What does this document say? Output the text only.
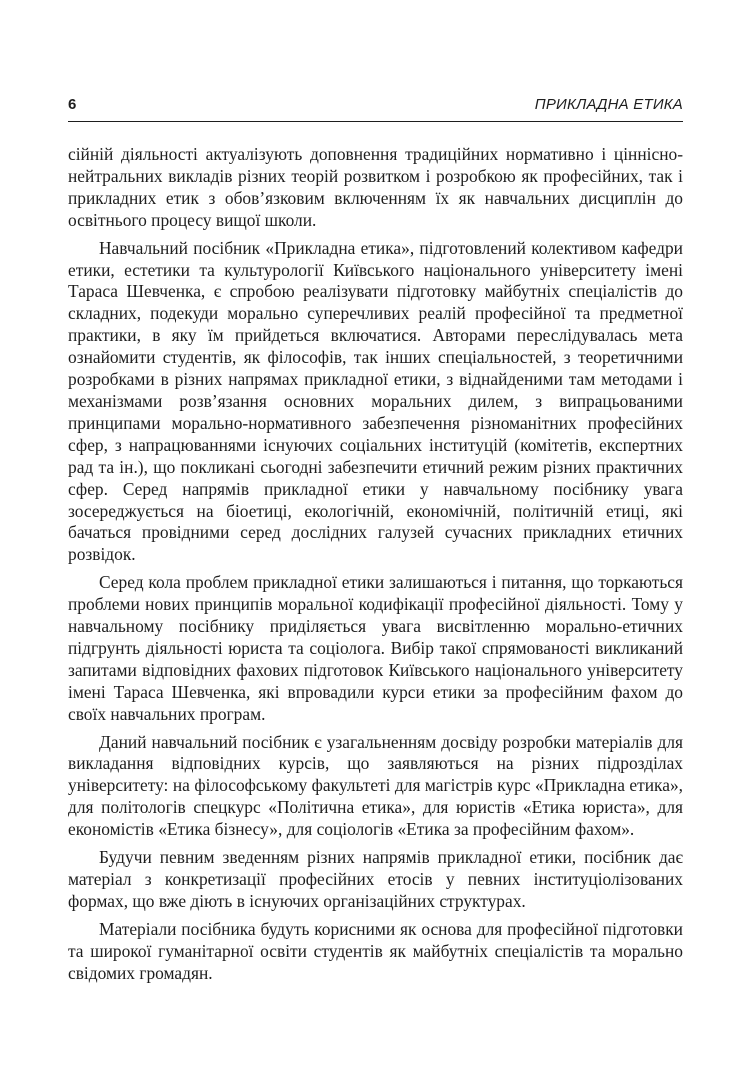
6	ПРИКЛАДНА ЕТИКА

сійній діяльності актуалізують доповнення традиційних нормативно і ціннісно-нейтральних викладів різних теорій розвитком і розробкою як професійних, так і прикладних етик з обов’язковим включенням їх як навчальних дисциплін до освітнього процесу вищої школи.

Навчальний посібник «Прикладна етика», підготовлений колективом кафедри етики, естетики та культурології Київського національного університету імені Тараса Шевченка, є спробою реалізувати підготовку майбутніх спеціалістів до складних, подекуди морально суперечливих реалій професійної та предметної практики, в яку їм прийдеться включатися. Авторами переслідувалась мета ознайомити студентів, як філософів, так інших спеціальностей, з теоретичними розробками в різних напрямах прикладної етики, з віднайденими там методами і механізмами розв’язання основних моральних дилем, з випрацьованими принципами морально-нормативного забезпечення різноманітних професійних сфер, з напрацюваннями існуючих соціальних інституцій (комітетів, експертних рад та ін.), що покликані сьогодні забезпечити етичний режим різних практичних сфер. Серед напрямів прикладної етики у навчальному посібнику увага зосереджується на біоетиці, екологічній, економічній, політичній етиці, які бачаться провідними серед дослідних галузей сучасних прикладних етичних розвідок.

Серед кола проблем прикладної етики залишаються і питання, що торкаються проблеми нових принципів моральної кодифікації професійної діяльності. Тому у навчальному посібнику приділяється увага висвітленню морально-етичних підгрунть діяльності юриста та соціолога. Вибір такої спрямованості викликаний запитами відповідних фахових підготовок Київського національного університету імені Тараса Шевченка, які впровадили курси етики за професійним фахом до своїх навчальних програм.

Даний навчальний посібник є узагальненням досвіду розробки матеріалів для викладання відповідних курсів, що заявляються на різних підрозділах університету: на філософському факультеті для магістрів курс «Прикладна етика», для політологів спецкурс «Політична етика», для юристів «Етика юриста», для економістів «Етика бізнесу», для соціологів «Етика за професійним фахом».

Будучи певним зведенням різних напрямів прикладної етики, посібник дає матеріал з конкретизації професійних етосів у певних інституціолізованих формах, що вже діють в існуючих організаційних структурах.

Матеріали посібника будуть корисними як основа для професійної підготовки та широкої гуманітарної освіти студентів як майбутніх спеціалістів та морально свідомих громадян.
